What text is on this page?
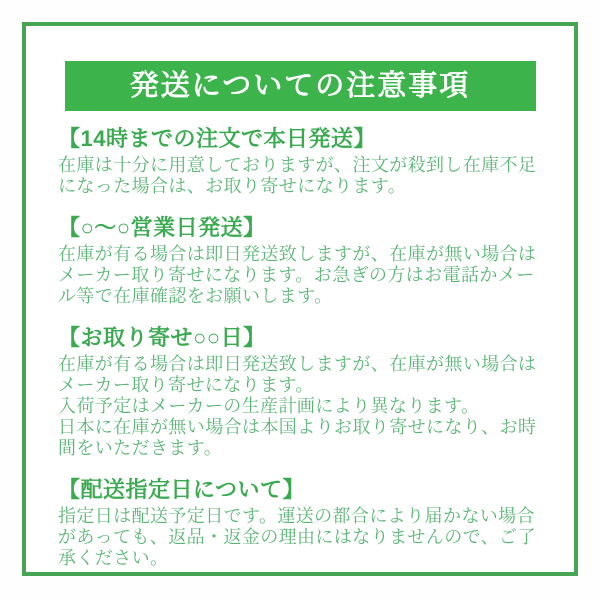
発送についての注意事項
【14時までの注文で本日発送】

在庫は十分に用意しておりますが、注文が殺到し在庫不足になった場合は、お取り寄せになります。

【○～○営業日発送】

在庫が有る場合は即日発送致しますが、在庫が無い場合はメーカー取り寄せになります。お急ぎの方はお電話かメール等で在庫確認をお願いします。

【お取り寄せ○○日】

在庫が有る場合は即日発送致しますが、在庫が無い場合はメーカー取り寄せになります。

入荷予定はメーカーの生産計画により異なります。

日本に在庫が無い場合は本国よりお取り寄せになり、お時間をいただきます。

【配送指定日について】

指定日は配送予定日です。運送の都合により届かない場合があっても、返品・返金の理由にはなりませんので、ご了承ください。
